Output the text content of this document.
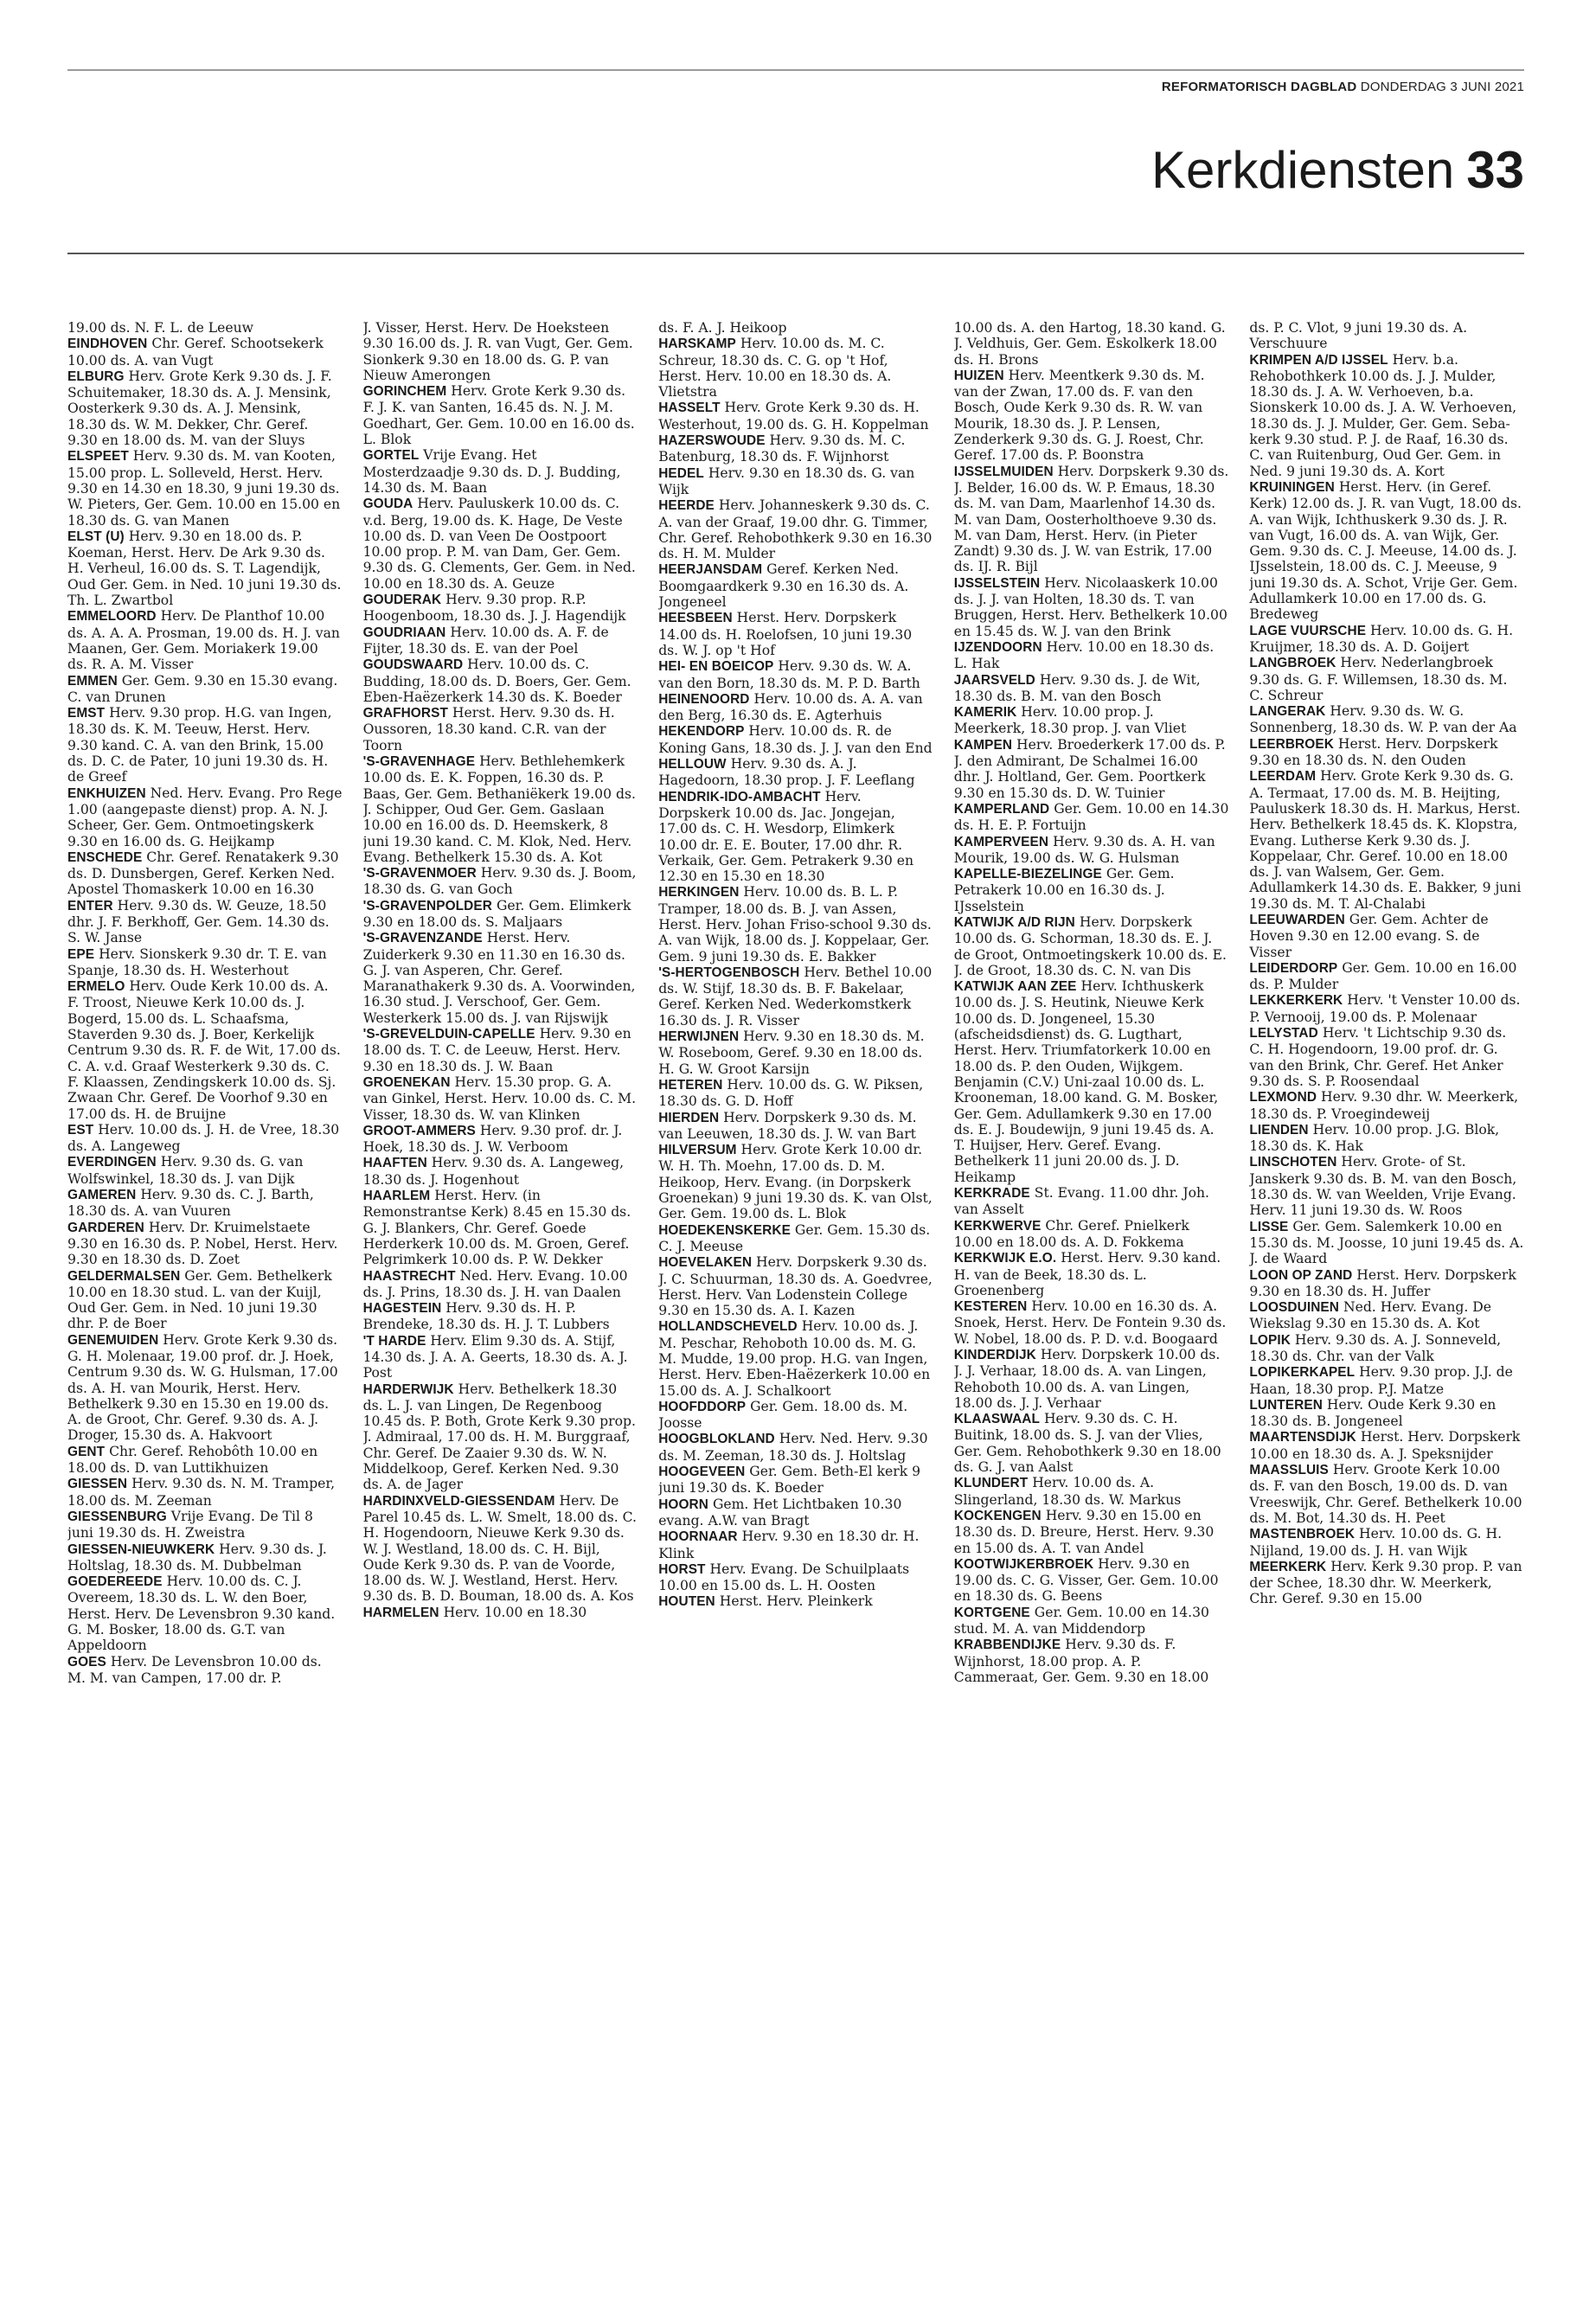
REFORMATORISCH DAGBLAD DONDERDAG 3 JUNI 2021
Kerkdiensten 33

19.00 ds. N. F. L. de Leeuw

EINDHOVEN Chr. Geref. Schootsekerk 10.00 ds. A. van Vugt

ELBURG Herv. Grote Kerk 9.30 ds. J. F. Schuitemaker, 18.30 ds. A. J. Mensink, Oosterkerk 9.30 ds. A. J. Mensink, 18.30 ds. W. M. Dekker, Chr. Geref. 9.30 en 18.00 ds. M. van der Sluys

ELSPEET Herv. 9.30 ds. M. van Kooten, 15.00 prop. L. Solleveld, Herst. Herv. 9.30 en 14.30 en 18.30, 9 juni 19.30 ds. W. Pieters, Ger. Gem. 10.00 en 15.00 en 18.30 ds. G. van Manen

ELST (U) Herv. 9.30 en 18.00 ds. P. Koeman, Herst. Herv. De Ark 9.30 ds. H. Verheul, 16.00 ds. S. T. Lagendijk, Oud Ger. Gem. in Ned. 10 juni 19.30 ds. Th. L. Zwartbol

EMMELOORD Herv. De Planthof 10.00 ds. A. A. A. Prosman, 19.00 ds. H. J. van Maanen, Ger. Gem. Moriakerk 19.00 ds. R. A. M. Visser

EMMEN Ger. Gem. 9.30 en 15.30 evang. C. van Drunen

EMST Herv. 9.30 prop. H.G. van Ingen, 18.30 ds. K. M. Teeuw, Herst. Herv. 9.30 kand. C. A. van den Brink, 15.00 ds. D. C. de Pater, 10 juni 19.30 ds. H. de Greef

ENKHUIZEN Ned. Herv. Evang. Pro Rege 1.00 (aangepaste dienst) prop. A. N. J. Scheer, Ger. Gem. Ontmoetingskerk 9.30 en 16.00 ds. G. Heijkamp

ENSCHEDE Chr. Geref. Renatakerk 9.30 ds. D. Dunsbergen, Geref. Kerken Ned. Apostel Thomaskerk 10.00 en 16.30

ENTER Herv. 9.30 ds. W. Geuze, 18.50 dhr. J. F. Berkhoff, Ger. Gem. 14.30 ds. S. W. Janse

EPE Herv. Sionskerk 9.30 dr. T. E. van Spanje, 18.30 ds. H. Westerhout

ERMELO Herv. Oude Kerk 10.00 ds. A. F. Troost, Nieuwe Kerk 10.00 ds. J. Bogerd, 15.00 ds. L. Schaafsma, Staverden 9.30 ds. J. Boer, Kerkelijk Centrum 9.30 ds. R. F. de Wit, 17.00 ds. C. A. v.d. Graaf Westerkerk 9.30 ds. C. F. Klaassen, Zendingskerk 10.00 ds. Sj. Zwaan Chr. Geref. De Voorhof 9.30 en 17.00 ds. H. de Bruijne

EST Herv. 10.00 ds. J. H. de Vree, 18.30 ds. A. Langeweg

EVERDINGEN Herv. 9.30 ds. G. van Wolfswinkel, 18.30 ds. J. van Dijk

GAMEREN Herv. 9.30 ds. C. J. Barth, 18.30 ds. A. van Vuuren

GARDEREN Herv. Dr. Kruimelstaete 9.30 en 16.30 ds. P. Nobel, Herst. Herv. 9.30 en 18.30 ds. D. Zoet

GELDERMALSEN Ger. Gem. Bethelkerk 10.00 en 18.30 stud. L. van der Kuijl, Oud Ger. Gem. in Ned. 10 juni 19.30 dhr. P. de Boer

GENEMUIDEN Herv. Grote Kerk 9.30 ds. G. H. Molenaar, 19.00 prof. dr. J. Hoek, Centrum 9.30 ds. W. G. Hulsman, 17.00 ds. A. H. van Mourik, Herst. Herv. Bethelkerk 9.30 en 15.30 en 19.00 ds. A. de Groot, Chr. Geref. 9.30 ds. A. J. Droger, 15.30 ds. A. Hakvoort

GENT Chr. Geref. Rehobôth 10.00 en 18.00 ds. D. van Luttikhuizen

GIESSEN Herv. 9.30 ds. N. M. Tramper, 18.00 ds. M. Zeeman

GIESSENBURG Vrije Evang. De Til 8 juni 19.30 ds. H. Zweistra

GIESSEN-NIEUWKERK Herv. 9.30 ds. J. Holtslag, 18.30 ds. M. Dubbelman

GOEDEREEDE Herv. 10.00 ds. C. J. Overeem, 18.30 ds. L. W. den Boer, Herst. Herv. De Levensbron 9.30 kand. G. M. Bosker, 18.00 ds. G.T. van Appeldoorn

GOES Herv. De Levensbron 10.00 ds. M. M. van Campen, 17.00 dr. P.

J. Visser, Herst. Herv. De Hoeksteen 9.30 16.00 ds. J. R. van Vugt, Ger. Gem. Sionkerk 9.30 en 18.00 ds. G. P. van Nieuw Amerongen

GORINCHEM Herv. Grote Kerk 9.30 ds. F. J. K. van Santen, 16.45 ds. N. J. M. Goedhart, Ger. Gem. 10.00 en 16.00 ds. L. Blok

GORTEL Vrije Evang. Het Mosterdzaadje 9.30 ds. D. J. Budding, 14.30 ds. M. Baan

GOUDA Herv. Pauluskerk 10.00 ds. C. v.d. Berg, 19.00 ds. K. Hage, De Veste 10.00 ds. D. van Veen De Oostpoort 10.00 prop. P. M. van Dam, Ger. Gem. 9.30 ds. G. Clements, Ger. Gem. in Ned. 10.00 en 18.30 ds. A. Geuze

GOUDERAK Herv. 9.30 prop. R.P. Hoogenboom, 18.30 ds. J. J. Hagendijk

GOUDRIAAN Herv. 10.00 ds. A. F. de Fijter, 18.30 ds. E. van der Poel

GOUDSWAARD Herv. 10.00 ds. C. Budding, 18.00 ds. D. Boers, Ger. Gem. Eben-Haëzerkerk 14.30 ds. K. Boeder

GRAFHORST Herst. Herv. 9.30 ds. H. Oussoren, 18.30 kand. C.R. van der Toorn

'S-GRAVENHAGE Herv. Bethlehemkerk 10.00 ds. E. K. Foppen, 16.30 ds. P. Baas, Ger. Gem. Bethaniëkerk 19.00 ds. J. Schipper, Oud Ger. Gem. Gaslaan 10.00 en 16.00 ds. D. Heemskerk, 8 juni 19.30 kand. C. M. Klok, Ned. Herv. Evang. Bethelkerk 15.30 ds. A. Kot

'S-GRAVENMOER Herv. 9.30 ds. J. Boom, 18.30 ds. G. van Goch

'S-GRAVENPOLDER Ger. Gem. Elimkerk 9.30 en 18.00 ds. S. Maljaars

'S-GRAVENZANDE Herst. Herv. Zuiderkerk 9.30 en 11.30 en 16.30 ds. G. J. van Asperen, Chr. Geref. Maranathakerk 9.30 ds. A. Voorwinden, 16.30 stud. J. Verschoof, Ger. Gem. Westerkerk 15.00 ds. J. van Rijswijk

'S-GREVELDUIN-CAPELLE Herv. 9.30 en 18.00 ds. T. C. de Leeuw, Herst. Herv. 9.30 en 18.30 ds. J. W. Baan

GROENEKAN Herv. 15.30 prop. G. A. van Ginkel, Herst. Herv. 10.00 ds. C. M. Visser, 18.30 ds. W. van Klinken

GROOT-AMMERS Herv. 9.30 prof. dr. J. Hoek, 18.30 ds. J. W. Verboom

HAAFTEN Herv. 9.30 ds. A. Langeweg, 18.30 ds. J. Hogenhout

HAARLEM Herst. Herv. (in Remonstrantse Kerk) 8.45 en 15.30 ds. G. J. Blankers, Chr. Geref. Goede Herderkerk 10.00 ds. M. Groen, Geref. Pelgrimkerk 10.00 ds. P. W. Dekker

HAASTRECHT Ned. Herv. Evang. 10.00 ds. J. Prins, 18.30 ds. J. H. van Daalen

HAGESTEIN Herv. 9.30 ds. H. P. Brendeke, 18.30 ds. H. J. T. Lubbers

'T HARDE Herv. Elim 9.30 ds. A. Stijf, 14.30 ds. J. A. A. Geerts, 18.30 ds. A. J. Post

HARDERWIJK Herv. Bethelkerk 18.30 ds. L. J. van Lingen, De Regenboog 10.45 ds. P. Both, Grote Kerk 9.30 prop. J. Admiraal, 17.00 ds. H. M. Burggraaf, Chr. Geref. De Zaaier 9.30 ds. W. N. Middelkoop, Geref. Kerken Ned. 9.30 ds. A. de Jager

HARDINXVELD-GIESSENDAM Herv. De Parel 10.45 ds. L. W. Smelt, 18.00 ds. C. H. Hogendoorn, Nieuwe Kerk 9.30 ds. W. J. Westland, 18.00 ds. C. H. Bijl, Oude Kerk 9.30 ds. P. van de Voorde, 18.00 ds. W. J. Westland, Herst. Herv. 9.30 ds. B. D. Bouman, 18.00 ds. A. Kos

HARMELEN Herv. 10.00 en 18.30

ds. F. A. J. Heikoop

HARSKAMP Herv. 10.00 ds. M. C. Schreur, 18.30 ds. C. G. op 't Hof, Herst. Herv. 10.00 en 18.30 ds. A. Vlietstra

HASSELT Herv. Grote Kerk 9.30 ds. H. Westerhout, 19.00 ds. G. H. Koppelman

HAZERSWOUDE Herv. 9.30 ds. M. C. Batenburg, 18.30 ds. F. Wijnhorst

HEDEL Herv. 9.30 en 18.30 ds. G. van Wijk

HEERDE Herv. Johanneskerk 9.30 ds. C. A. van der Graaf, 19.00 dhr. G. Timmer, Chr. Geref. Rehobothkerk 9.30 en 16.30 ds. H. M. Mulder

HEERJANSDAM Geref. Kerken Ned. Boomgaardkerk 9.30 en 16.30 ds. A. Jongeneel

HEESBEEN Herst. Herv. Dorpskerk 14.00 ds. H. Roelofsen, 10 juni 19.30 ds. W. J. op 't Hof

HEI- EN BOEICOP Herv. 9.30 ds. W. A. van den Born, 18.30 ds. M. P. D. Barth

HEINENOORD Herv. 10.00 ds. A. A. van den Berg, 16.30 ds. E. Agterhuis

HEKENDORP Herv. 10.00 ds. R. de Koning Gans, 18.30 ds. J. J. van den End

HELLOUW Herv. 9.30 ds. A. J. Hagedoorn, 18.30 prop. J. F. Leeflang

HENDRIK-IDO-AMBACHT Herv. Dorpskerk 10.00 ds. Jac. Jongejan, 17.00 ds. C. H. Wesdorp, Elimkerk 10.00 dr. E. E. Bouter, 17.00 dhr. R. Verkaik, Ger. Gem. Petrakerk 9.30 en 12.30 en 15.30 en 18.30

HERKINGEN Herv. 10.00 ds. B. L. P. Tramper, 18.00 ds. B. J. van Assen, Herst. Herv. Johan Friso-school 9.30 ds. A. van Wijk, 18.00 ds. J. Koppelaar, Ger. Gem. 9 juni 19.30 ds. E. Bakker

'S-HERTOGENBOSCH Herv. Bethel 10.00 ds. W. Stijf, 18.30 ds. B. F. Bakelaar, Geref. Kerken Ned. Wederkomstkerk 16.30 ds. J. R. Visser

HERWIJNEN Herv. 9.30 en 18.30 ds. M. W. Roseboom, Geref. 9.30 en 18.00 ds. H. G. W. Groot Karsijn

HETEREN Herv. 10.00 ds. G. W. Piksen, 18.30 ds. G. D. Hoff

HIERDEN Herv. Dorpskerk 9.30 ds. M. van Leeuwen, 18.30 ds. J. W. van Bart

HILVERSUM Herv. Grote Kerk 10.00 dr. W. H. Th. Moehn, 17.00 ds. D. M. Heikoop, Herv. Evang. (in Dorpskerk Groenekan) 9 juni 19.30 ds. K. van Olst, Ger. Gem. 19.00 ds. L. Blok

HOEDEKENSKERKE Ger. Gem. 15.30 ds. C. J. Meeuse

HOEVELAKEN Herv. Dorpskerk 9.30 ds. J. C. Schuurman, 18.30 ds. A. Goedvree, Herst. Herv. Van Lodenstein College 9.30 en 15.30 ds. A. I. Kazen

HOLLANDSCHEVELD Herv. 10.00 ds. J. M. Peschar, Rehoboth 10.00 ds. M. G. M. Mudde, 19.00 prop. H.G. van Ingen, Herst. Herv. Eben-Haëzerkerk 10.00 en 15.00 ds. A. J. Schalkoort

HOOFDDORP Ger. Gem. 18.00 ds. M. Joosse

HOOGBLOKLAND Herv. Ned. Herv. 9.30 ds. M. Zeeman, 18.30 ds. J. Holtslag

HOOGEVEEN Ger. Gem. Beth-El kerk 9 juni 19.30 ds. K. Boeder

HOORN Gem. Het Lichtbaken 10.30 evang. A.W. van Bragt

HOORNAAR Herv. 9.30 en 18.30 dr. H. Klink

HORST Herv. Evang. De Schuilplaats 10.00 en 15.00 ds. L. H. Oosten

HOUTEN Herst. Herv. Pleinkerk

10.00 ds. A. den Hartog, 18.30 kand. G. J. Veldhuis, Ger. Gem. Eskolkerk 18.00 ds. H. Brons

HUIZEN Herv. Meentkerk 9.30 ds. M. van der Zwan, 17.00 ds. F. van den Bosch, Oude Kerk 9.30 ds. R. W. van Mourik, 18.30 ds. J. P. Lensen, Zenderkerk 9.30 ds. G. J. Roest, Chr. Geref. 17.00 ds. P. Boonstra

IJSSELMUIDEN Herv. Dorpskerk 9.30 ds. J. Belder, 16.00 ds. W. P. Emaus, 18.30 ds. M. van Dam, Maarlenhof 14.30 ds. M. van Dam, Oosterholthoeve 9.30 ds. M. van Dam, Herst. Herv. (in Pieter Zandt) 9.30 ds. J. W. van Estrik, 17.00 ds. IJ. R. Bijl

IJSSELSTEIN Herv. Nicolaaskerk 10.00 ds. J. J. van Holten, 18.30 ds. T. van Bruggen, Herst. Herv. Bethelkerk 10.00 en 15.45 ds. W. J. van den Brink

IJZENDOORN Herv. 10.00 en 18.30 ds. L. Hak

JAARSVELD Herv. 9.30 ds. J. de Wit, 18.30 ds. B. M. van den Bosch

KAMERIK Herv. 10.00 prop. J. Meerkerk, 18.30 prop. J. van Vliet

KAMPEN Herv. Broederkerk 17.00 ds. P. J. den Admirant, De Schalmei 16.00 dhr. J. Holtland, Ger. Gem. Poortkerk 9.30 en 15.30 ds. D. W. Tuinier

KAMPERLAND Ger. Gem. 10.00 en 14.30 ds. H. E. P. Fortuijn

KAMPERVEEN Herv. 9.30 ds. A. H. van Mourik, 19.00 ds. W. G. Hulsman

KAPELLE-BIEZELINGE Ger. Gem. Petrakerk 10.00 en 16.30 ds. J. IJsselstein

KATWIJK A/D RIJN Herv. Dorpskerk 10.00 ds. G. Schorman, 18.30 ds. E. J. de Groot, Ontmoetingskerk 10.00 ds. E. J. de Groot, 18.30 ds. C. N. van Dis

KATWIJK AAN ZEE Herv. Ichthuskerk 10.00 ds. J. S. Heutink, Nieuwe Kerk 10.00 ds. D. Jongeneel, 15.30 (afscheidsdienst) ds. G. Lugthart, Herst. Herv. Triumfatorkerk 10.00 en 18.00 ds. P. den Ouden, Wijkgem. Benjamin (C.V.) Uni-zaal 10.00 ds. L. Krooneman, 18.00 kand. G. M. Bosker, Ger. Gem. Adullamkerk 9.30 en 17.00 ds. E. J. Boudewijn, 9 juni 19.45 ds. A. T. Huijser, Herv. Geref. Evang. Bethelkerk 11 juni 20.00 ds. J. D. Heikamp

KERKRADE St. Evang. 11.00 dhr. Joh. van Asselt

KERKWERVE Chr. Geref. Pnielkerk 10.00 en 18.00 ds. A. D. Fokkema

KERKWIJK E.O. Herst. Herv. 9.30 kand. H. van de Beek, 18.30 ds. L. Groenenberg

KESTEREN Herv. 10.00 en 16.30 ds. A. Snoek, Herst. Herv. De Fontein 9.30 ds. W. Nobel, 18.00 ds. P. D. v.d. Boogaard

KINDERDIJK Herv. Dorpskerk 10.00 ds. J. J. Verhaar, 18.00 ds. A. van Lingen, Rehoboth 10.00 ds. A. van Lingen, 18.00 ds. J. J. Verhaar

KLAASWAAL Herv. 9.30 ds. C. H. Buitink, 18.00 ds. S. J. van der Vlies, Ger. Gem. Rehobothkerk 9.30 en 18.00 ds. G. J. van Aalst

KLUNDERT Herv. 10.00 ds. A. Slingerland, 18.30 ds. W. Markus

KOCKENGEN Herv. 9.30 en 15.00 en 18.30 ds. D. Breure, Herst. Herv. 9.30 en 15.00 ds. A. T. van Andel

KOOTWIJKERBROEK Herv. 9.30 en 19.00 ds. C. G. Visser, Ger. Gem. 10.00 en 18.30 ds. G. Beens

KORTGENE Ger. Gem. 10.00 en 14.30 stud. M. A. van Middendorp

KRABBENDIJKE Herv. 9.30 ds. F. Wijnhorst, 18.00 prop. A. P. Cammeraat, Ger. Gem. 9.30 en 18.00

ds. P. C. Vlot, 9 juni 19.30 ds. A. Verschuure

KRIMPEN A/D IJSSEL Herv. b.a. Rehobothkerk 10.00 ds. J. J. Mulder, 18.30 ds. J. A. W. Verhoeven, b.a. Sionskerk 10.00 ds. J. A. W. Verhoeven, 18.30 ds. J. J. Mulder, Ger. Gem. Seba-kerk 9.30 stud. P. J. de Raaf, 16.30 ds. C. van Ruitenburg, Oud Ger. Gem. in Ned. 9 juni 19.30 ds. A. Kort

KRUININGEN Herst. Herv. (in Geref. Kerk) 12.00 ds. J. R. van Vugt, 18.00 ds. A. van Wijk, Ichthuskerk 9.30 ds. J. R. van Vugt, 16.00 ds. A. van Wijk, Ger. Gem. 9.30 ds. C. J. Meeuse, 14.00 ds. J. IJsselstein, 18.00 ds. C. J. Meeuse, 9 juni 19.30 ds. A. Schot, Vrije Ger. Gem. Adullamkerk 10.00 en 17.00 ds. G. Bredeweg

LAGE VUURSCHE Herv. 10.00 ds. G. H. Kruijmer, 18.30 ds. A. D. Goijert

LANGBROEK Herv. Nederlangbroek 9.30 ds. G. F. Willemsen, 18.30 ds. M. C. Schreur

LANGERAK Herv. 9.30 ds. W. G. Sonnenberg, 18.30 ds. W. P. van der Aa

LEERBROEK Herst. Herv. Dorpskerk 9.30 en 18.30 ds. N. den Ouden

LEERDAM Herv. Grote Kerk 9.30 ds. G. A. Termaat, 17.00 ds. M. B. Heijting, Pauluskerk 18.30 ds. H. Markus, Herst. Herv. Bethelkerk 18.45 ds. K. Klopstra, Evang. Lutherse Kerk 9.30 ds. J. Koppelaar, Chr. Geref. 10.00 en 18.00 ds. J. van Walsem, Ger. Gem. Adullamkerk 14.30 ds. E. Bakker, 9 juni 19.30 ds. M. T. Al-Chalabi

LEEUWARDEN Ger. Gem. Achter de Hoven 9.30 en 12.00 evang. S. de Visser

LEIDERDORP Ger. Gem. 10.00 en 16.00 ds. P. Mulder

LEKKERKERK Herv. 't Venster 10.00 ds. P. Vernooij, 19.00 ds. P. Molenaar

LELYSTAD Herv. 't Lichtschip 9.30 ds. C. H. Hogendoorn, 19.00 prof. dr. G. van den Brink, Chr. Geref. Het Anker 9.30 ds. S. P. Roosendaal

LEXMOND Herv. 9.30 dhr. W. Meerkerk, 18.30 ds. P. Vroegindeweij

LIENDEN Herv. 10.00 prop. J.G. Blok, 18.30 ds. K. Hak

LINSCHOTEN Herv. Grote- of St. Janskerk 9.30 ds. B. M. van den Bosch, 18.30 ds. W. van Weelden, Vrije Evang. Herv. 11 juni 19.30 ds. W. Roos

LISSE Ger. Gem. Salemkerk 10.00 en 15.30 ds. M. Joosse, 10 juni 19.45 ds. A. J. de Waard

LOON OP ZAND Herst. Herv. Dorpskerk 9.30 en 18.30 ds. H. Juffer

LOOSDUINEN Ned. Herv. Evang. De Wiekslag 9.30 en 15.30 ds. A. Kot

LOPIK Herv. 9.30 ds. A. J. Sonneveld, 18.30 ds. Chr. van der Valk

LOPIKERKAPEL Herv. 9.30 prop. J.J. de Haan, 18.30 prop. P.J. Matze

LUNTEREN Herv. Oude Kerk 9.30 en 18.30 ds. B. Jongeneel

MAARTENSDIJK Herst. Herv. Dorpskerk 10.00 en 18.30 ds. A. J. Speksnijder

MAASSLUIS Herv. Groote Kerk 10.00 ds. F. van den Bosch, 19.00 ds. D. van Vreeswijk, Chr. Geref. Bethelkerk 10.00 ds. M. Bot, 14.30 ds. H. Peet

MASTENBROEK Herv. 10.00 ds. G. H. Nijland, 19.00 ds. J. H. van Wijk

MEERKERK Herv. Kerk 9.30 prop. P. van der Schee, 18.30 dhr. W. Meerkerk, Chr. Geref. 9.30 en 15.00
